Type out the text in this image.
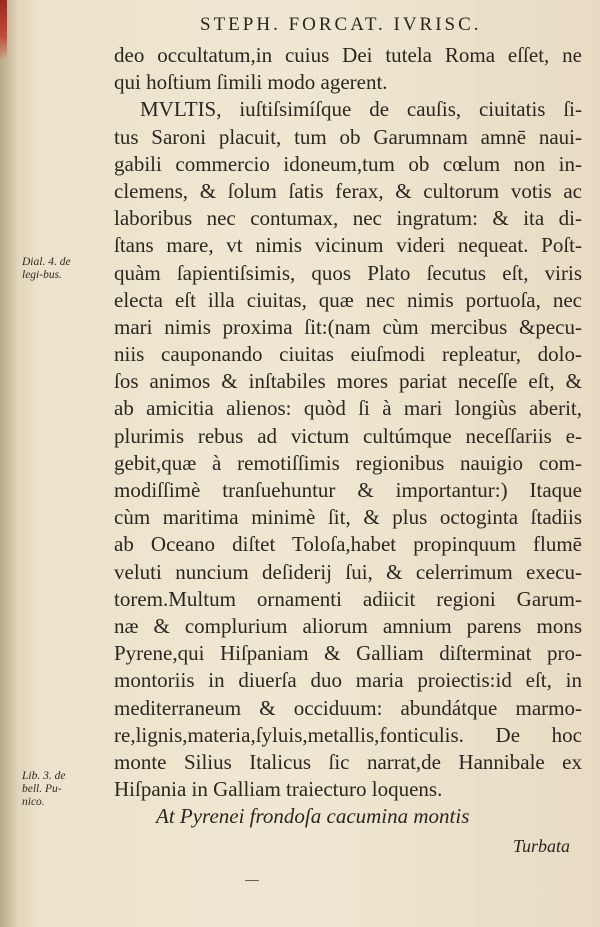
STEPH. FORCAT. IVRISC.
Dial. 4. de legi-bus.
Lib. 3. de bell. Pu-nico.
deo occultatum,in cuius Dei tutela Roma eſſet, ne
qui hoſtium ſimili modo agerent.
MVLTIS, iuſtiſsimíſque de cauſis, ciuitatis ſi-
tus Saroni placuit, tum ob Garumnam amnē naui-
gabili commercio idoneum,tum ob cœlum non in-
clemens, & ſolum ſatis ferax, & cultorum votis ac
laboribus nec contumax, nec ingratum: & ita di-
ſtans mare, vt nimis vicinum videri nequeat. Poſt-
quàm ſapientiſsimis, quos Plato ſecutus eſt, viris
electa eſt illa ciuitas, quæ nec nimis portuoſa, nec
mari nimis proxima ſit:(nam cùm mercibus &pecu-
niis cauponando ciuitas eiuſmodi repleatur, dolo-
ſos animos & inſtabiles mores pariat neceſſe eſt, &
ab amicitia alienos: quòd ſi à mari longiùs aberit,
plurimis rebus ad victum cultúmque neceſſariis e-
gebit,quæ à remotiſſimis regionibus nauigio com-
modiſſimè tranſuehuntur & importantur:) Itaque
cùm maritima minimè ſit, & plus octoginta ſtadiis
ab Oceano diſtet Toloſa,habet propinquum flumē
veluti nuncium deſiderij ſui, & celerrimum execu-
torem.Multum ornamenti adiicit regioni Garum-
næ & complurium aliorum amnium parens mons
Pyrene,qui Hiſpaniam & Galliam diſterminat pro-
montoriis in diuerſa duo maria proiectis:id eſt, in
mediterraneum & occiduum: abundátque marmo-
re,lignis,materia,ſyluis,metallis,fonticulis. De hoc
monte Silius Italicus ſic narrat,de Hannibale ex
Hiſpania in Galliam traiecturo loquens.
At Pyrenei frondoſa cacumina montis
Turbata
